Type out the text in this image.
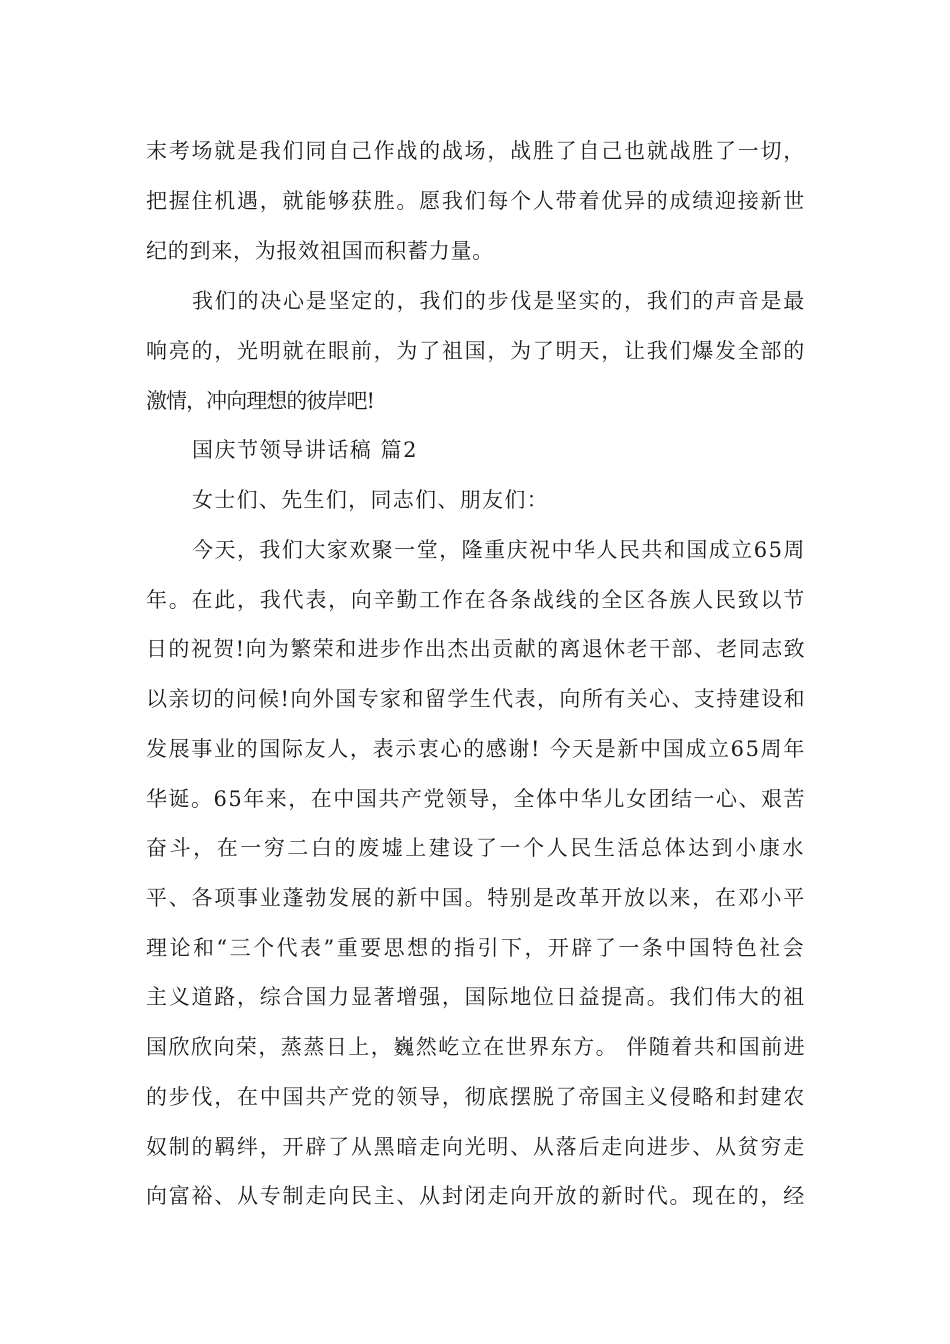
末考场就是我们同自己作战的战场，战胜了自己也就战胜了一切，
把握住机遇，就能够获胜。愿我们每个人带着优异的成绩迎接新世
纪的到来，为报效祖国而积蓄力量。
我们的决心是坚定的，我们的步伐是坚实的，我们的声音是最
响亮的，光明就在眼前，为了祖国，为了明天，让我们爆发全部的
激情，冲向理想的彼岸吧!
国庆节领导讲话稿 篇2
女士们、先生们，同志们、朋友们：
今天，我们大家欢聚一堂，隆重庆祝中华人民共和国成立65周
年。在此，我代表，向辛勤工作在各条战线的全区各族人民致以节
日的祝贺!向为繁荣和进步作出杰出贡献的离退休老干部、老同志致
以亲切的问候!向外国专家和留学生代表，向所有关心、支持建设和
发展事业的国际友人，表示衷心的感谢! 今天是新中国成立65周年
华诞。65年来，在中国共产党领导，全体中华儿女团结一心、艰苦
奋斗，在一穷二白的废墟上建设了一个人民生活总体达到小康水
平、各项事业蓬勃发展的新中国。特别是改革开放以来，在邓小平
理论和“三个代表”重要思想的指引下，开辟了一条中国特色社会
主义道路，综合国力显著增强，国际地位日益提高。我们伟大的祖
国欣欣向荣，蒸蒸日上，巍然屹立在世界东方。 伴随着共和国前进
的步伐，在中国共产党的领导，彻底摆脱了帝国主义侵略和封建农
奴制的羁绊，开辟了从黑暗走向光明、从落后走向进步、从贫穷走
向富裕、从专制走向民主、从封闭走向开放的新时代。现在的，经
